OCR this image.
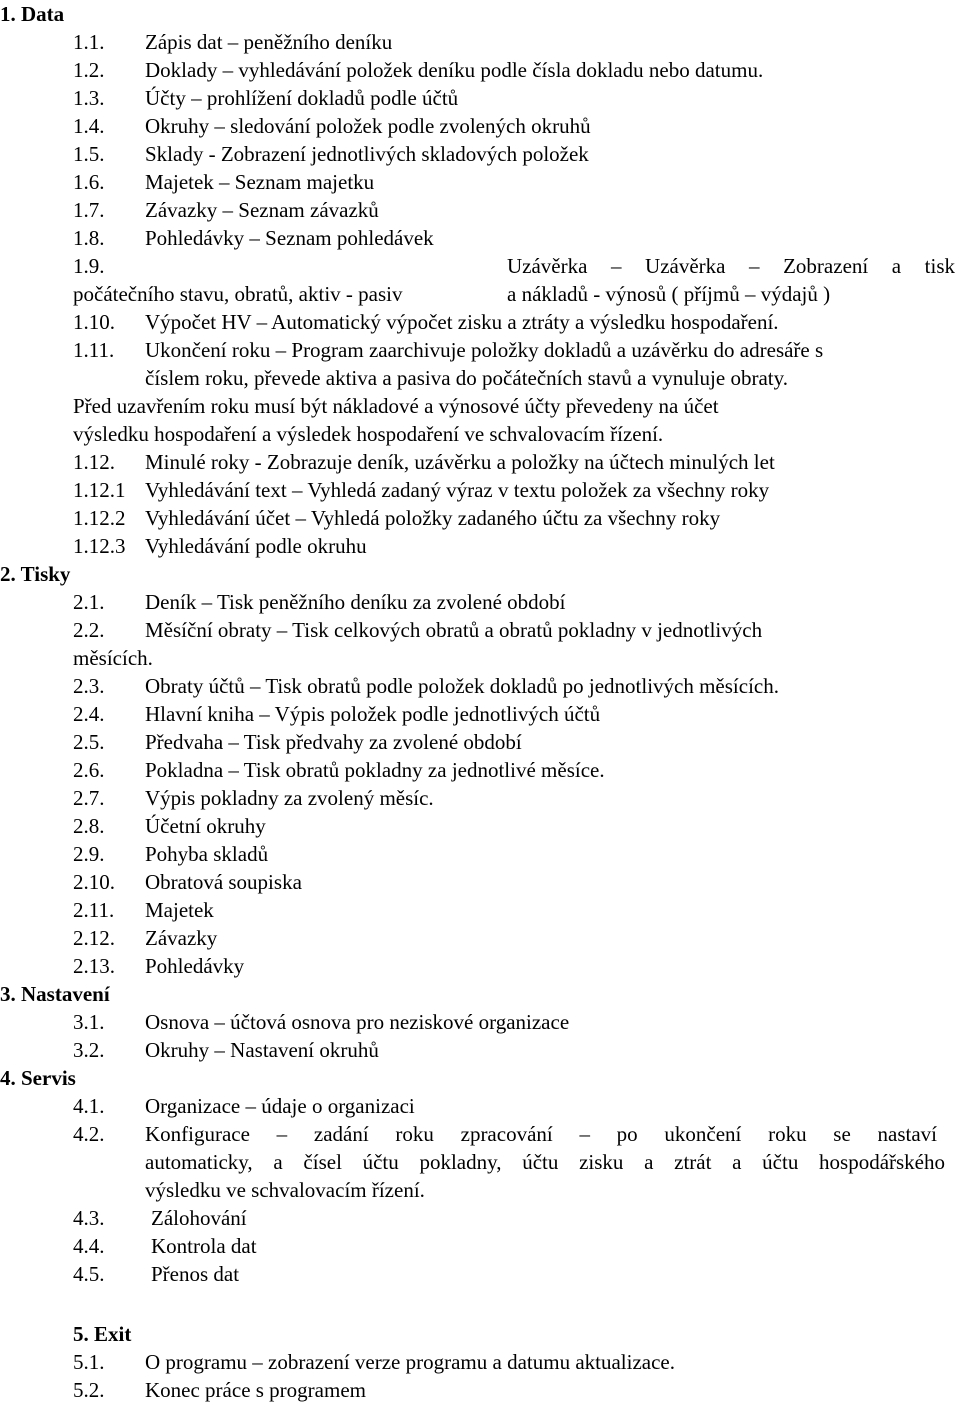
1. Data
1.1. Zápis dat – peněžního deníku
1.2. Doklady – vyhledávání položek deníku podle čísla dokladu nebo datumu.
1.3. Účty – prohlížení dokladů podle účtů
1.4. Okruhy – sledování položek podle zvolených okruhů
1.5. Sklady - Zobrazení jednotlivých skladových položek
1.6. Majetek – Seznam majetku
1.7. Závazky – Seznam závazků
1.8. Pohledávky – Seznam pohledávek
1.9.	Uzávěrka – Uzávěrka – Zobrazení a tisk
počátečního stavu, obratů, aktiv - pasiv	a nákladů - výnosů ( příjmů – výdajů )
1.10. Výpočet HV – Automatický výpočet zisku a ztráty a výsledku hospodaření.
1.11. Ukončení roku – Program zaarchivuje položky dokladů a uzávěrku do adresáře s
číslem roku, převede aktiva a pasiva do počátečních stavů a vynuluje obraty.
Před uzavřením roku musí být nákladové a výnosové účty převedeny na účet
výsledku hospodaření a výsledek hospodaření ve schvalovacím řízení.
1.12. Minulé roky - Zobrazuje deník, uzávěrku a položky na účtech minulých let
1.12.1 Vyhledávání text – Vyhledá zadaný výraz v textu položek za všechny roky
1.12.2 Vyhledávání účet – Vyhledá položky zadaného účtu za všechny roky
1.12.3 Vyhledávání podle okruhu
2. Tisky
2.1. Deník – Tisk peněžního deníku za zvolené období
2.2. Měsíční obraty – Tisk celkových obratů a obratů pokladny v jednotlivých
měsících.
2.3. Obraty účtů – Tisk obratů podle položek dokladů po jednotlivých měsících.
2.4. Hlavní kniha – Výpis položek podle jednotlivých účtů
2.5. Předvaha – Tisk předvahy za zvolené období
2.6. Pokladna – Tisk obratů pokladny za jednotlivé měsíce.
2.7. Výpis pokladny za zvolený měsíc.
2.8. Účetní okruhy
2.9. Pohyba skladů
2.10. Obratová soupiska
2.11. Majetek
2.12. Závazky
2.13. Pohledávky
3. Nastavení
3.1. Osnova – účtová osnova pro neziskové organizace
3.2. Okruhy – Nastavení okruhů
4. Servis
4.1. Organizace – údaje o organizaci
4.2. Konfigurace – zadání roku zpracování – po ukončení roku se nastaví
automaticky, a čísel účtu pokladny, účtu zisku a ztrát a účtu hospodářského
výsledku ve schvalovacím řízení.
4.3. Zálohování
4.4. Kontrola dat
4.5. Přenos dat
5. Exit
5.1. O programu – zobrazení verze programu a datumu aktualizace.
5.2. Konec práce s programem
